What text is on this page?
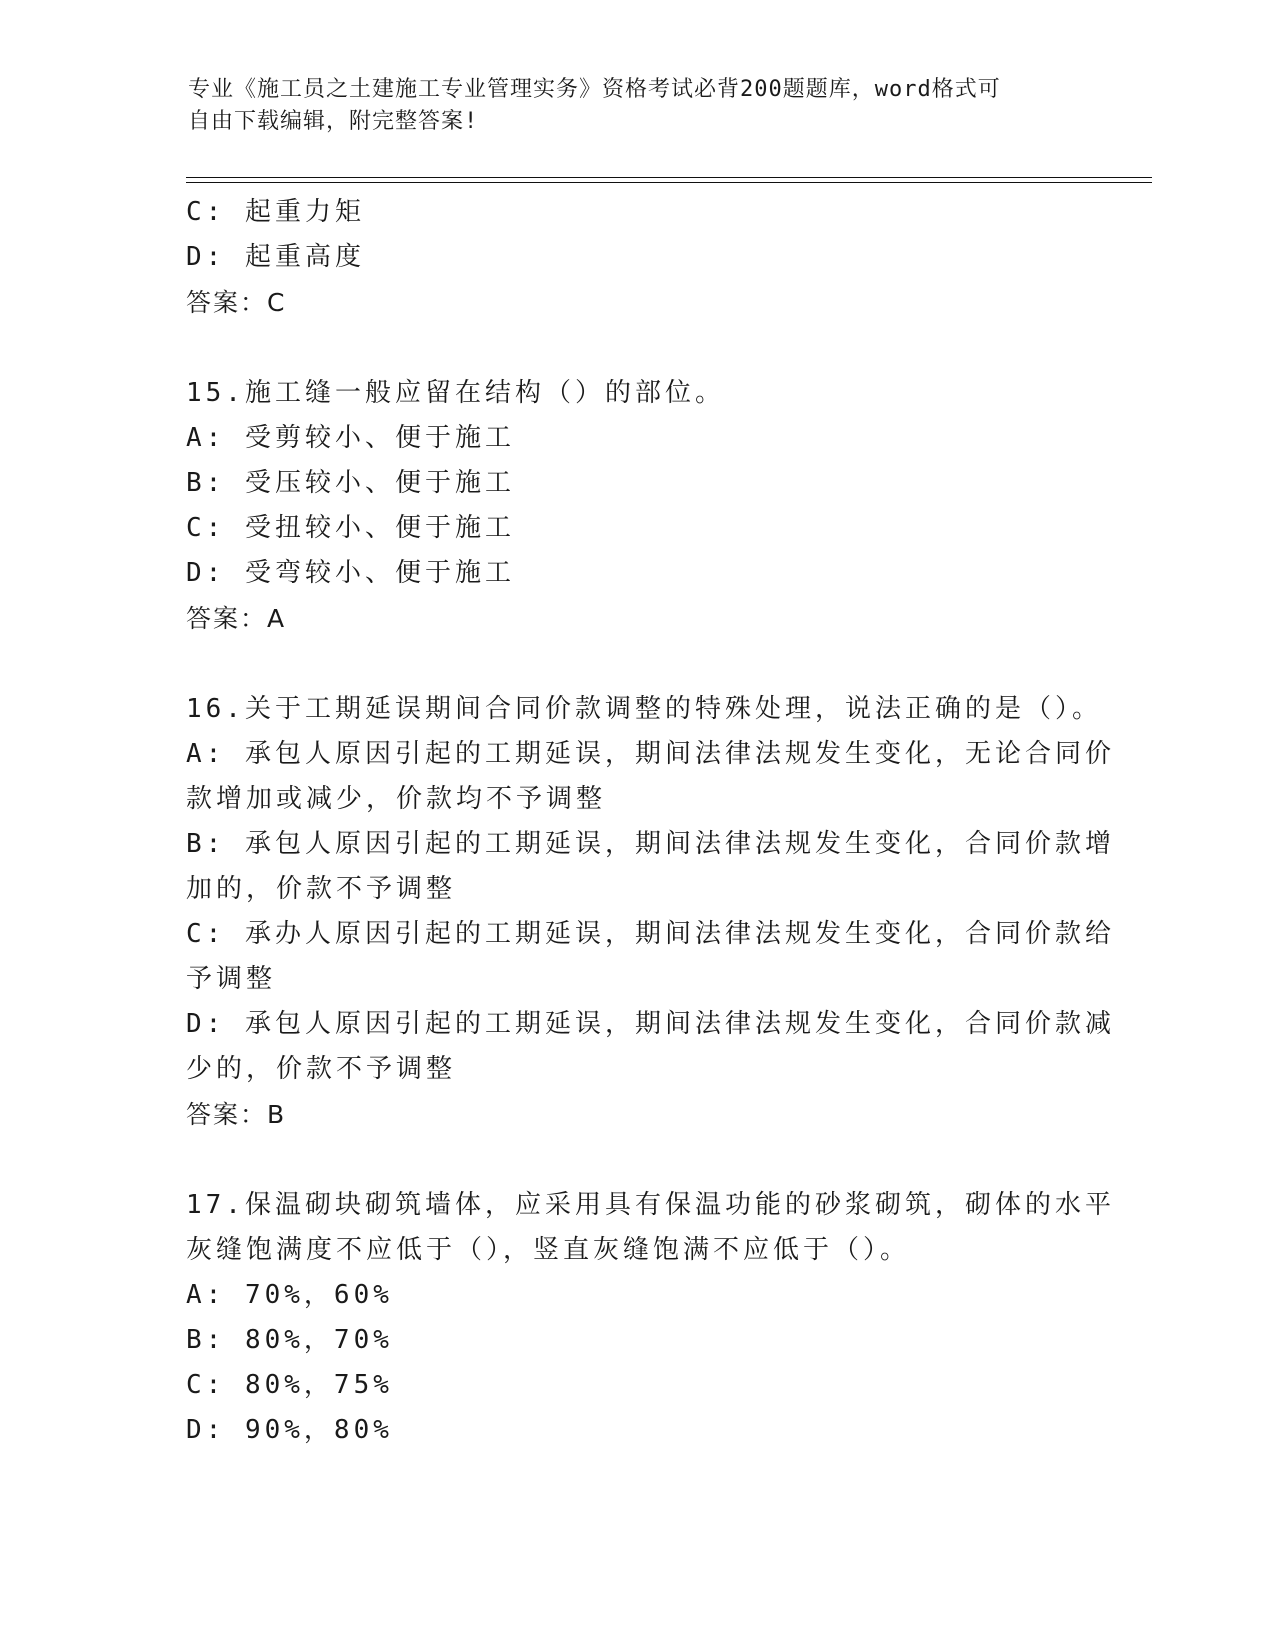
专业《施工员之土建施工专业管理实务》资格考试必背200题题库，word格式可
自由下载编辑，附完整答案!
C: 起重力矩
D: 起重高度
答案：C
15.施工缝一般应留在结构（）的部位。
A: 受剪较小、便于施工
B: 受压较小、便于施工
C: 受扭较小、便于施工
D: 受弯较小、便于施工
答案：A
16.关于工期延误期间合同价款调整的特殊处理，说法正确的是（）。
A: 承包人原因引起的工期延误，期间法律法规发生变化，无论合同价
款增加或减少，价款均不予调整
B: 承包人原因引起的工期延误，期间法律法规发生变化，合同价款增
加的，价款不予调整
C: 承办人原因引起的工期延误，期间法律法规发生变化，合同价款给
予调整
D: 承包人原因引起的工期延误，期间法律法规发生变化，合同价款减
少的，价款不予调整
答案：B
17.保温砌块砌筑墙体，应采用具有保温功能的砂浆砌筑，砌体的水平
灰缝饱满度不应低于（），竖直灰缝饱满不应低于（）。
A: 70%，60%
B: 80%，70%
C: 80%，75%
D: 90%，80%
